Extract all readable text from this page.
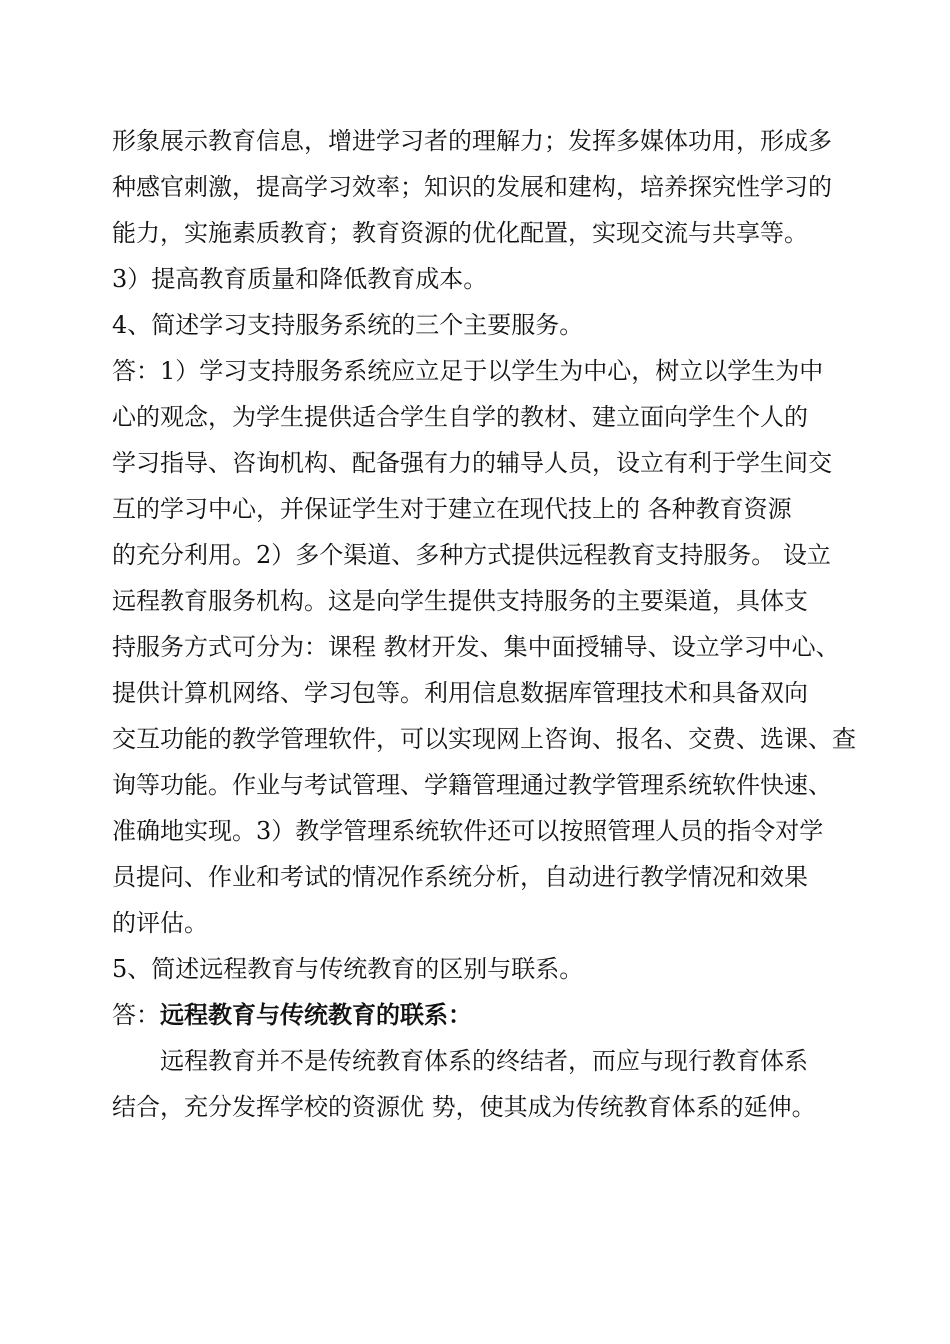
形象展示教育信息，增进学习者的理解力；发挥多媒体功用，形成多
种感官刺激，提高学习效率；知识的发展和建构，培养探究性学习的
能力，实施素质教育；教育资源的优化配置，实现交流与共享等。
3）提高教育质量和降低教育成本。
4、简述学习支持服务系统的三个主要服务。
答：1）学习支持服务系统应立足于以学生为中心，树立以学生为中
心的观念，为学生提供适合学生自学的教材、建立面向学生个人的
学习指导、咨询机构、配备强有力的辅导人员，设立有利于学生间交
互的学习中心，并保证学生对于建立在现代技上的 各种教育资源
的充分利用。2）多个渠道、多种方式提供远程教育支持服务。 设立
远程教育服务机构。这是向学生提供支持服务的主要渠道，具体支
持服务方式可分为：课程 教材开发、集中面授辅导、设立学习中心、
提供计算机网络、学习包等。利用信息数据库管理技术和具备双向
交互功能的教学管理软件，可以实现网上咨询、报名、交费、选课、查
询等功能。作业与考试管理、学籍管理通过教学管理系统软件快速、
准确地实现。3）教学管理系统软件还可以按照管理人员的指令对学
员提问、作业和考试的情况作系统分析，自动进行教学情况和效果
的评估。
5、简述远程教育与传统教育的区别与联系。
答：远程教育与传统教育的联系：
远程教育并不是传统教育体系的终结者，而应与现行教育体系
结合，充分发挥学校的资源优 势，使其成为传统教育体系的延伸。
